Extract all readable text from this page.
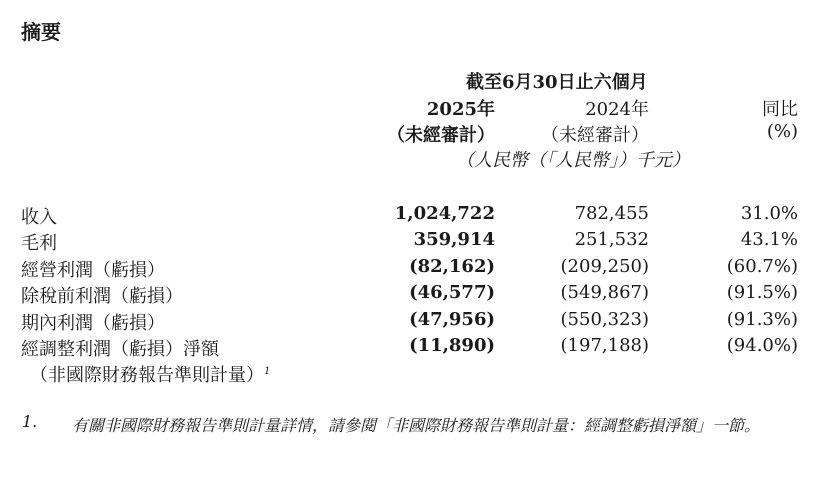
摘要
截至6月30日止六個月
2025年	2024年	同比
（未經審計）	（未經審計）	(%)
（人民幣（「人民幣」）千元）
收入	1,024,722	782,455	31.0%
毛利	359,914	251,532	43.1%
經營利潤（虧損）	(82,162)	(209,250)	(60.7%)
除稅前利潤（虧損）	(46,577)	(549,867)	(91.5%)
期內利潤（虧損）	(47,956)	(550,323)	(91.3%)
經調整利潤（虧損）淨額	(11,890)	(197,188)	(94.0%)
（非國際財務報告準則計量）$^1$
1. 有關非國際財務報告準則計量詳情，請參閱「非國際財務報告準則計量：經調整虧損淨額」一節。
